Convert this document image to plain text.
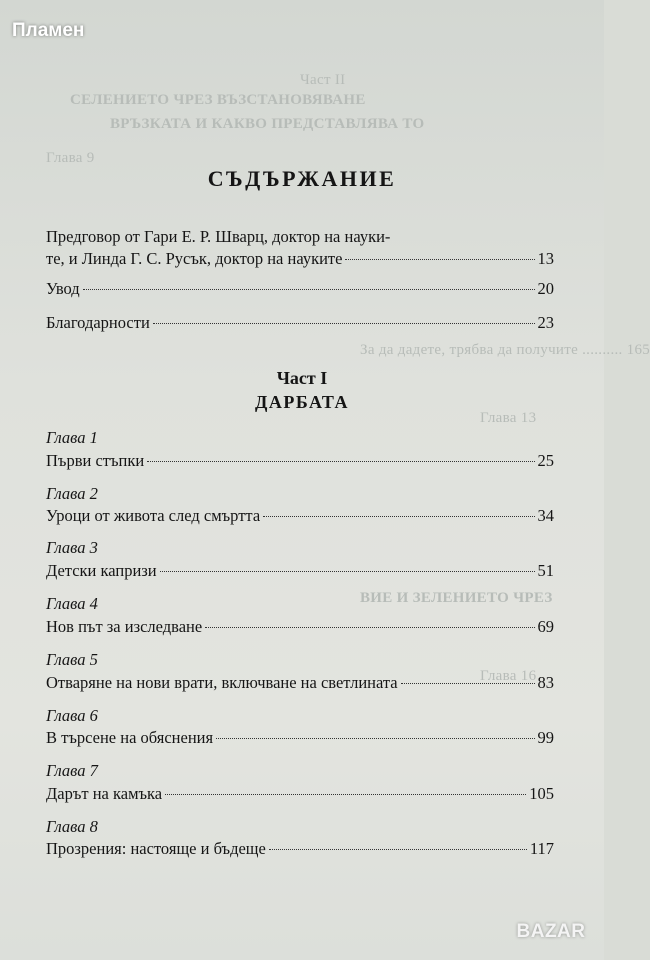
Част II
СЕЛЕНИЕТО ЧРЕЗ ВЪЗСТАНОВЯВАНЕ
ВРЪЗКАТА И КАКВО ПРЕДСТАВЛЯВА ТО
Глава 9
За да дадете, трябва да получите .......... 165
Глава 13
ВИЕ И ЗЕЛЕНИЕТО ЧРЕЗ
Глава 16
Пламен
СЪДЪРЖАНИЕ
Предговор от Гари Е. Р. Шварц, доктор на науки-
те, и Линда Г. С. Русък, доктор на науките	13
Увод	20
Благодарности	23
Част I
ДАРБАТА
Глава 1
Първи стъпки	25
Глава 2
Уроци от живота след смъртта	34
Глава 3
Детски капризи	51
Глава 4
Нов път за изследване	69
Глава 5
Отваряне на нови врати, включване на светлината	83
Глава 6
В търсене на обяснения	99
Глава 7
Дарът на камъка	105
Глава 8
Прозрения: настояще и бъдеще	117
BAZAR
